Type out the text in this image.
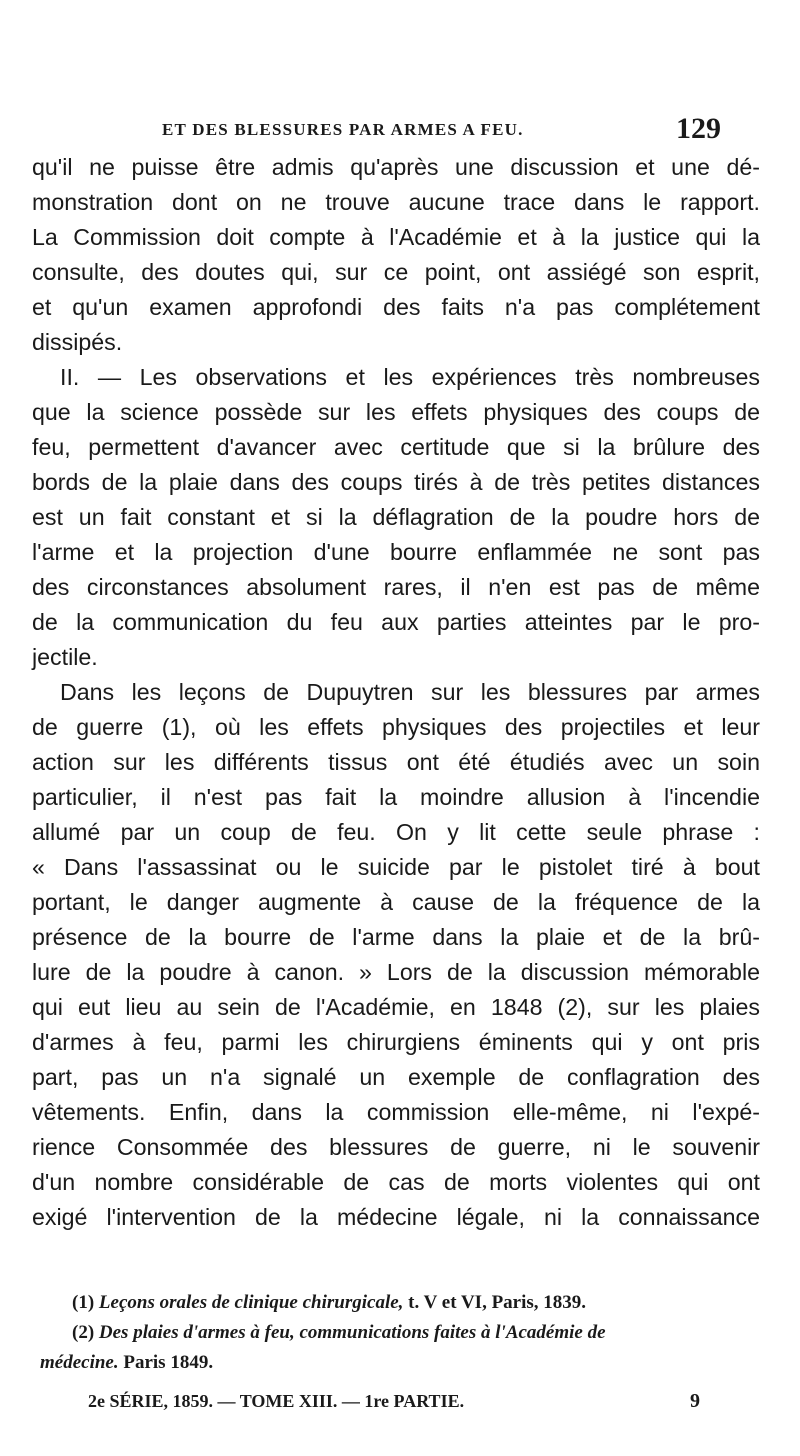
ET DES BLESSURES PAR ARMES A FEU.	129
qu'il ne puisse être admis qu'après une discussion et une dé-
monstration dont on ne trouve aucune trace dans le rapport.
La Commission doit compte à l'Académie et à la justice qui la
consulte, des doutes qui, sur ce point, ont assiégé son esprit,
et qu'un examen approfondi des faits n'a pas complétement
dissipés.
II. — Les observations et les expériences très nombreuses
que la science possède sur les effets physiques des coups de
feu, permettent d'avancer avec certitude que si la brûlure des
bords de la plaie dans des coups tirés à de très petites distances
est un fait constant et si la déflagration de la poudre hors de
l'arme et la projection d'une bourre enflammée ne sont pas
des circonstances absolument rares, il n'en est pas de même
de la communication du feu aux parties atteintes par le pro-
jectile.
Dans les leçons de Dupuytren sur les blessures par armes
de guerre (1), où les effets physiques des projectiles et leur
action sur les différents tissus ont été étudiés avec un soin
particulier, il n'est pas fait la moindre allusion à l'incendie
allumé par un coup de feu. On y lit cette seule phrase :
« Dans l'assassinat ou le suicide par le pistolet tiré à bout
portant, le danger augmente à cause de la fréquence de la
présence de la bourre de l'arme dans la plaie et de la brû-
lure de la poudre à canon. » Lors de la discussion mémorable
qui eut lieu au sein de l'Académie, en 1848 (2), sur les plaies
d'armes à feu, parmi les chirurgiens éminents qui y ont pris
part, pas un n'a signalé un exemple de conflagration des
vêtements. Enfin, dans la commission elle-même, ni l'expé-
rience Consommée des blessures de guerre, ni le souvenir
d'un nombre considérable de cas de morts violentes qui ont
exigé l'intervention de la médecine légale, ni la connaissance
(1) Leçons orales de clinique chirurgicale, t. V et VI, Paris, 1839.
(2) Des plaies d'armes à feu, communications faites à l'Académie de
médecine. Paris 1849.
2e SÉRIE, 1859. — TOME XIII. — 1re PARTIE.	9
